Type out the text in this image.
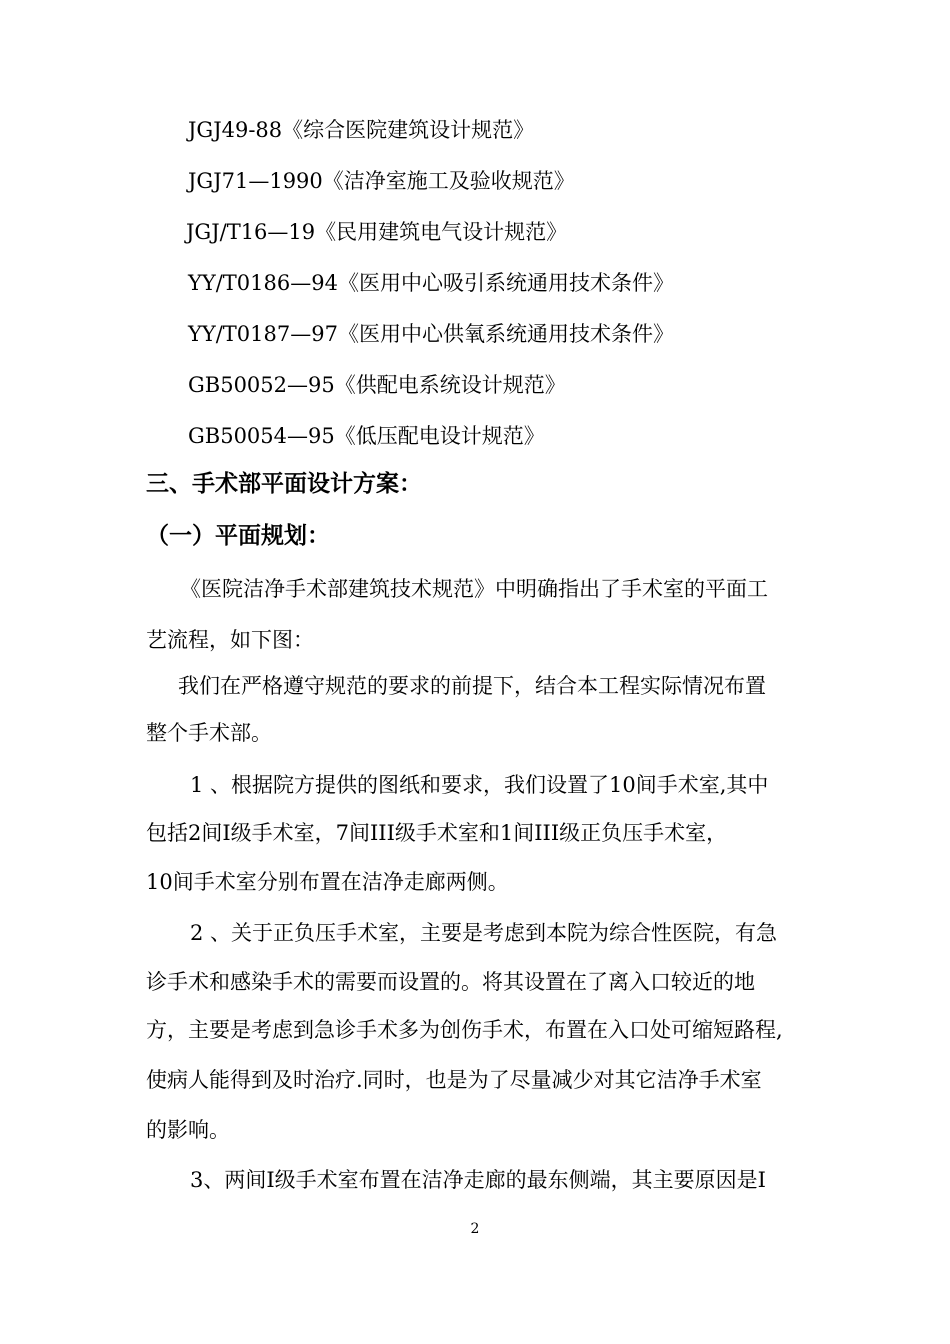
JGJ49-88《综合医院建筑设计规范》
JGJ71—1990《洁净室施工及验收规范》
JGJ/T16—19《民用建筑电气设计规范》
YY/T0186—94《医用中心吸引系统通用技术条件》
YY/T0187—97《医用中心供氧系统通用技术条件》
GB50052—95《供配电系统设计规范》
GB50054—95《低压配电设计规范》
三、手术部平面设计方案：
（一）平面规划：
《医院洁净手术部建筑技术规范》中明确指出了手术室的平面工
艺流程，如下图：
我们在严格遵守规范的要求的前提下，结合本工程实际情况布置
整个手术部。
1 、根据院方提供的图纸和要求，我们设置了10间手术室,其中
包括2间I级手术室，7间III级手术室和1间III级正负压手术室，
10间手术室分别布置在洁净走廊两侧。
2 、关于正负压手术室，主要是考虑到本院为综合性医院，有急
诊手术和感染手术的需要而设置的。将其设置在了离入口较近的地
方，主要是考虑到急诊手术多为创伤手术，布置在入口处可缩短路程,
使病人能得到及时治疗.同时，也是为了尽量减少对其它洁净手术室
的影响。
3、两间I级手术室布置在洁净走廊的最东侧端，其主要原因是I
2
